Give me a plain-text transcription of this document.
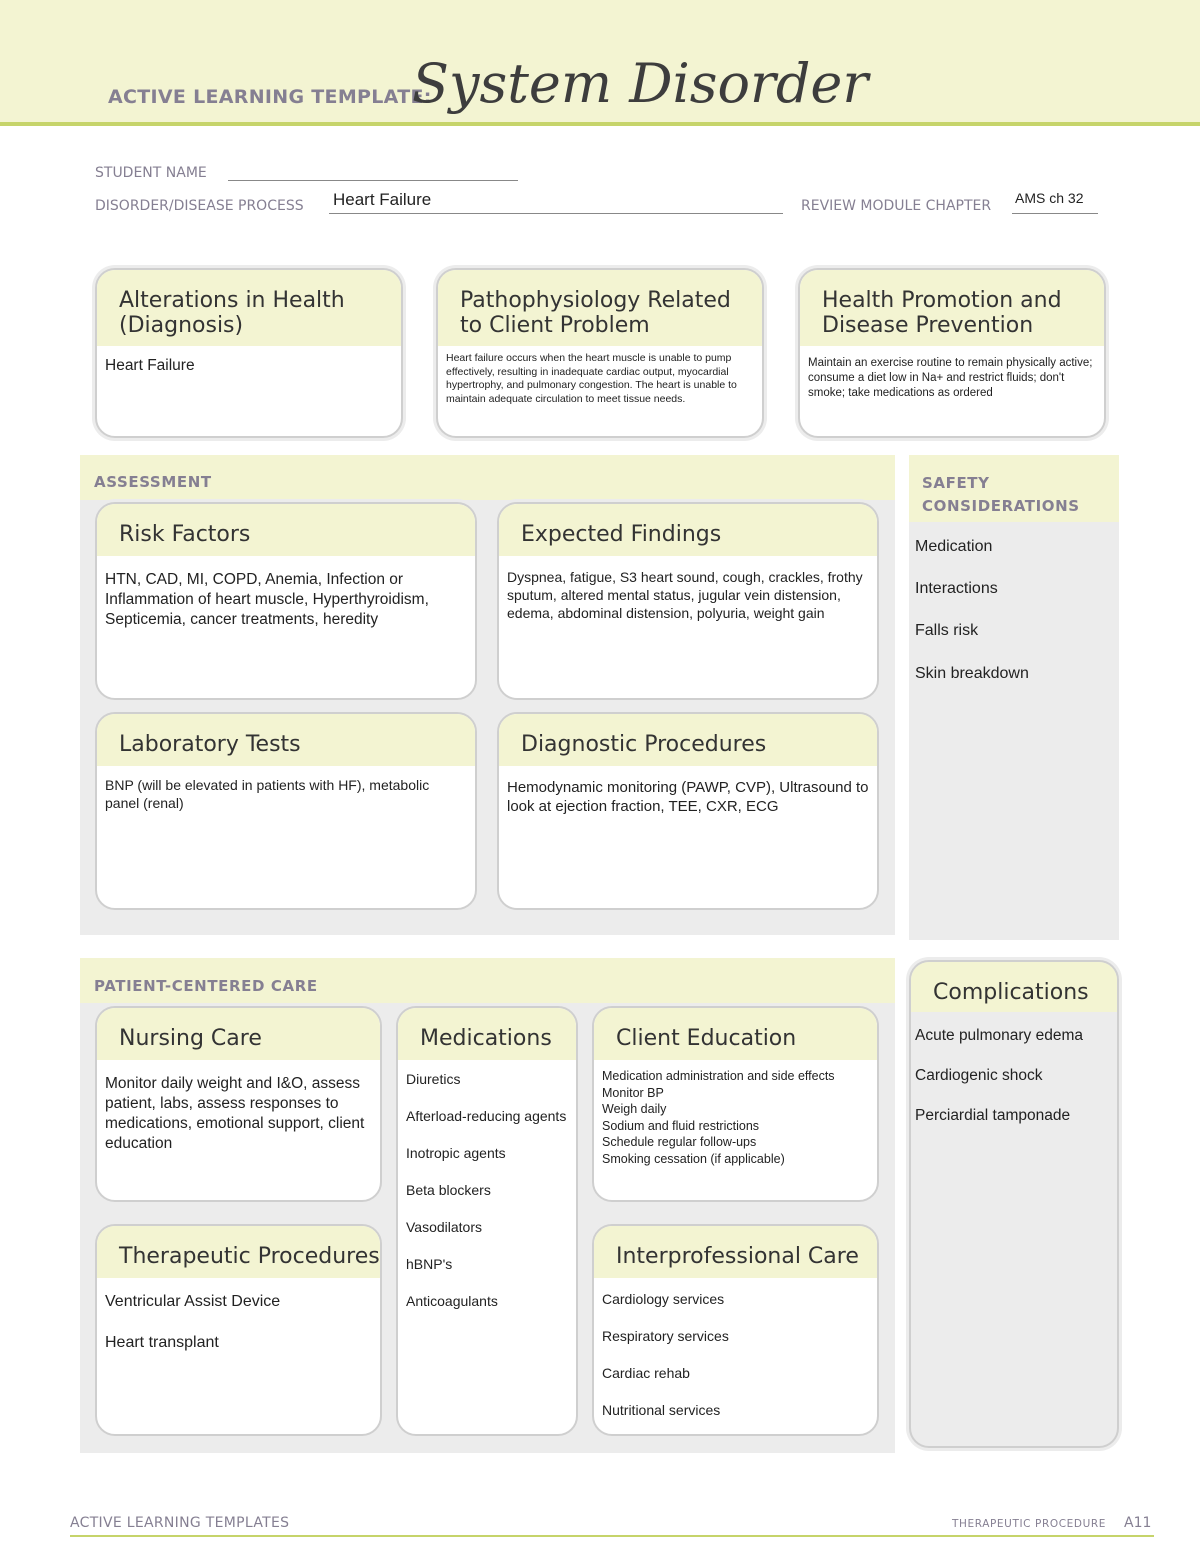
ACTIVE LEARNING TEMPLATE:
System Disorder
STUDENT NAME
DISORDER/DISEASE PROCESS Heart Failure	REVIEW MODULE CHAPTER AMS ch 32
Alterations in Health (Diagnosis)
Heart Failure
Pathophysiology Related to Client Problem
Heart failure occurs when the heart muscle is unable to pump effectively, resulting in inadequate cardiac output, myocardial hypertrophy, and pulmonary congestion. The heart is unable to maintain adequate circulation to meet tissue needs.
Health Promotion and Disease Prevention
Maintain an exercise routine to remain physically active; consume a diet low in Na+ and restrict fluids; don't smoke; take medications as ordered
ASSESSMENT
Risk Factors
HTN, CAD, MI, COPD, Anemia, Infection or Inflammation of heart muscle, Hyperthyroidism, Septicemia, cancer treatments, heredity
Expected Findings
Dyspnea, fatigue, S3 heart sound, cough, crackles, frothy sputum, altered mental status, jugular vein distension, edema, abdominal distension, polyuria, weight gain
Laboratory Tests
BNP (will be elevated in patients with HF), metabolic panel (renal)
Diagnostic Procedures
Hemodynamic monitoring (PAWP, CVP), Ultrasound to look at ejection fraction, TEE, CXR, ECG
SAFETY CONSIDERATIONS
Medication
Interactions
Falls risk
Skin breakdown
PATIENT-CENTERED CARE
Nursing Care
Monitor daily weight and I&O, assess patient, labs, assess responses to medications, emotional support, client education
Medications
Diuretics
Afterload-reducing agents
Inotropic agents
Beta blockers
Vasodilators
hBNP's
Anticoagulants
Client Education
Medication administration and side effects
Monitor BP
Weigh daily
Sodium and fluid restrictions
Schedule regular follow-ups
Smoking cessation (if applicable)
Therapeutic Procedures
Ventricular Assist Device
Heart transplant
Interprofessional Care
Cardiology services
Respiratory services
Cardiac rehab
Nutritional services
Complications
Acute pulmonary edema
Cardiogenic shock
Perciardial tamponade
ACTIVE LEARNING TEMPLATES	THERAPEUTIC PROCEDURE A11
